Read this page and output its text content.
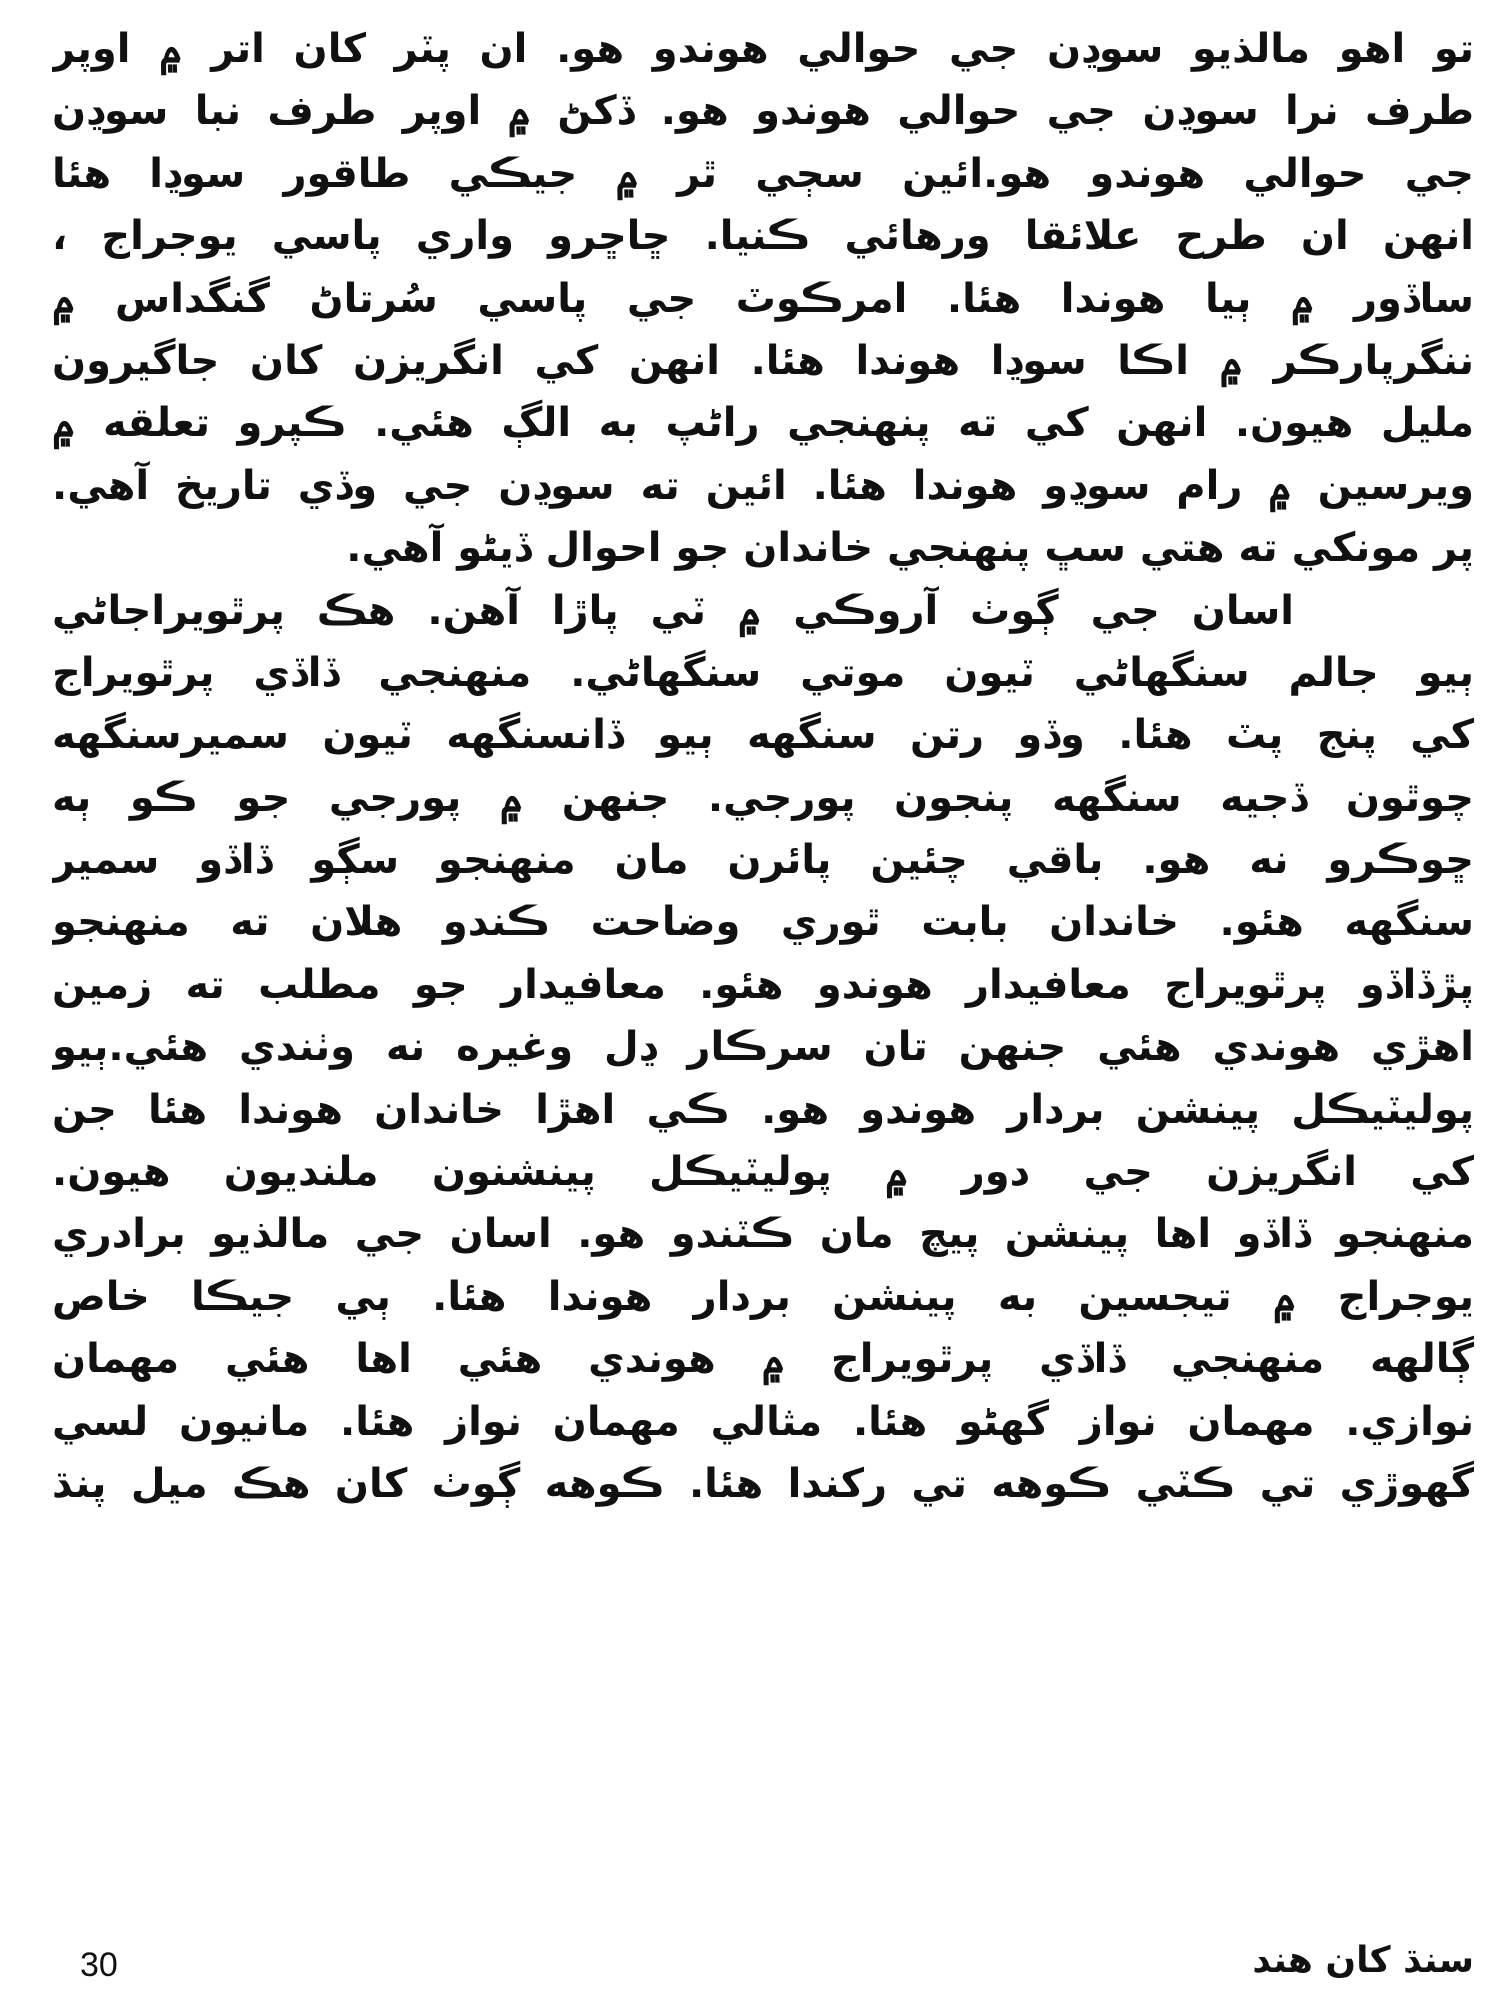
تو اهو مالذيو سوڍن جي حوالي هوندو هو. ان پٽر کان اتر ۾ اوپر
طرف نرا سوڍن جي حوالي هوندو هو. ڏکڻ ۾ اوپر طرف نبا سوڍن
جي حوالي هوندو هو.ائين سڄي ٿر ۾ جيڪي طاقور سوڍا هئا
انهن ان طرح علائقا ورهائي ڪنيا. ڇاڇرو واري پاسي يوجراج ،
ساڏور ۾ ٻيا هوندا هئا. امرڪوٽ جي پاسي سُرتاڻ گنگداس ۾
ننگرپارڪر ۾ اڪا سوڍا هوندا هئا. انهن کي انگريزن کان جاگيرون
مليل هيون. انهن کي ته پنهنجي راڻپ به الڳ هئي. ڪپرو تعلقه ۾
ويرسين ۾ رام سوڍو هوندا هئا. ائين ته سوڍن جي وڏي تاريخ آهي.
پر مونکي ته هتي سڀ پنهنجي خاندان جو احوال ڏيڻو آهي.
اسان جي ڳوٺ آروڪي ۾ ٽي پاڙا آهن. هڪ پرٿويراجاڻي
ٻيو جالم سنگهاڻي ٽيون موتي سنگهاڻي. منهنجي ڏاڏي پرٿويراج
کي پنج پٽ هئا. وڏو رتن سنگهه ٻيو ڏانسنگهه ٽيون سميرسنگهه
چوٿون ڏجيه سنگهه پنجون پورجي. جنهن ۾ پورجي جو ڪو ٻه
ڇوڪرو نه هو. باقي چئين پائرن مان منهنجو سڳو ڏاڏو سمير
سنگهه هئو. خاندان بابت ٿوري وضاحت ڪندو هلان ته منهنجو
پڙڏاڏو پرٿويراج معافيدار هوندو هئو. معافيدار جو مطلب ته زمين
اهڙي هوندي هئي جنهن تان سرڪار ڍل وغيره نه وٺندي هئي.ٻيو
پوليٽيڪل پينشن بردار هوندو هو. ڪي اهڙا خاندان هوندا هئا جن
کي انگريزن جي دور ۾ پوليٽيڪل پينشنون ملنديون هيون.
منهنجو ڏاڏو اها پينشن پيچ مان ڪٽندو هو. اسان جي مالذيو برادري
يوجراج ۾ تيجسين به پينشن بردار هوندا هئا. ٻي جيڪا خاص
ڳالهه منهنجي ڏاڏي پرٿويراج ۾ هوندي هئي اها هئي مهمان
نوازي. مهمان نواز گهڻو هئا. مثالي مهمان نواز هئا. مانيون لسي
گهوڙي تي ڪٽي ڪوهه تي رکندا هئا. ڪوهه ڳوٺ کان هڪ ميل پنڌ
30	سنڌ کان هند
